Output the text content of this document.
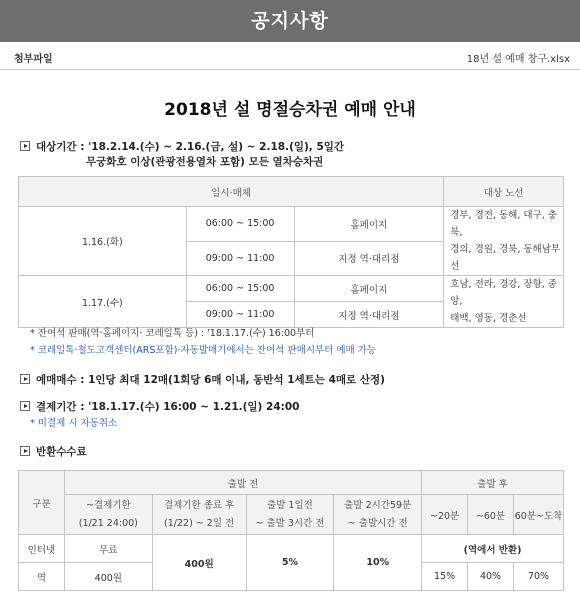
공지사항
첨부파일	18년 설 예매 창구.xlsx
2018년 설 명절승차권 예매 안내
대상기간 : '18.2.14.(수) ~ 2.16.(금, 설) ~ 2.18.(일), 5일간
무궁화호 이상(관광전용열차 포함) 모든 열차승차권
일시·매체			대상 노선
1.16.(화)	06:00 ~ 15:00	홈페이지	경부, 경전, 동해, 대구, 충북,
경의, 경원, 경북, 동해남부선
	09:00 ~ 11:00	지정 역·대리점	
1.17.(수)	06:00 ~ 15:00	홈페이지	호남, 전라, 경강, 장항, 중앙,
태백, 영동, 경춘선
	09:00 ~ 11:00	지정 역·대리점	
* 잔여석 판매(역·홈페이지· 코레일톡 등) : '18.1.17.(수) 16:00부터
* 코레일톡·철도고객센터(ARS포함)·자동발매기에서는 잔여석 판매시부터 예매 가능
예매매수 : 1인당 최대 12매(1회당 6매 이내, 동반석 1세트는 4매로 산정)
결제기간 : '18.1.17.(수) 16:00 ~ 1.21.(일) 24:00
* 미결제 시 자동취소
반환수수료
구분	출발 전				출발 후		
	~결제기한
(1/21 24:00)	결제기한 종료 후
(1/22) ~ 2일 전	출발 1일전
~ 출발 3시간 전	출발 2시간59분
~ 출발시간 전	~20분	~60분	60분~도착
인터넷	무료	400원	5%	10%	(역에서 반환)		
역	400원				15%	40%	70%
